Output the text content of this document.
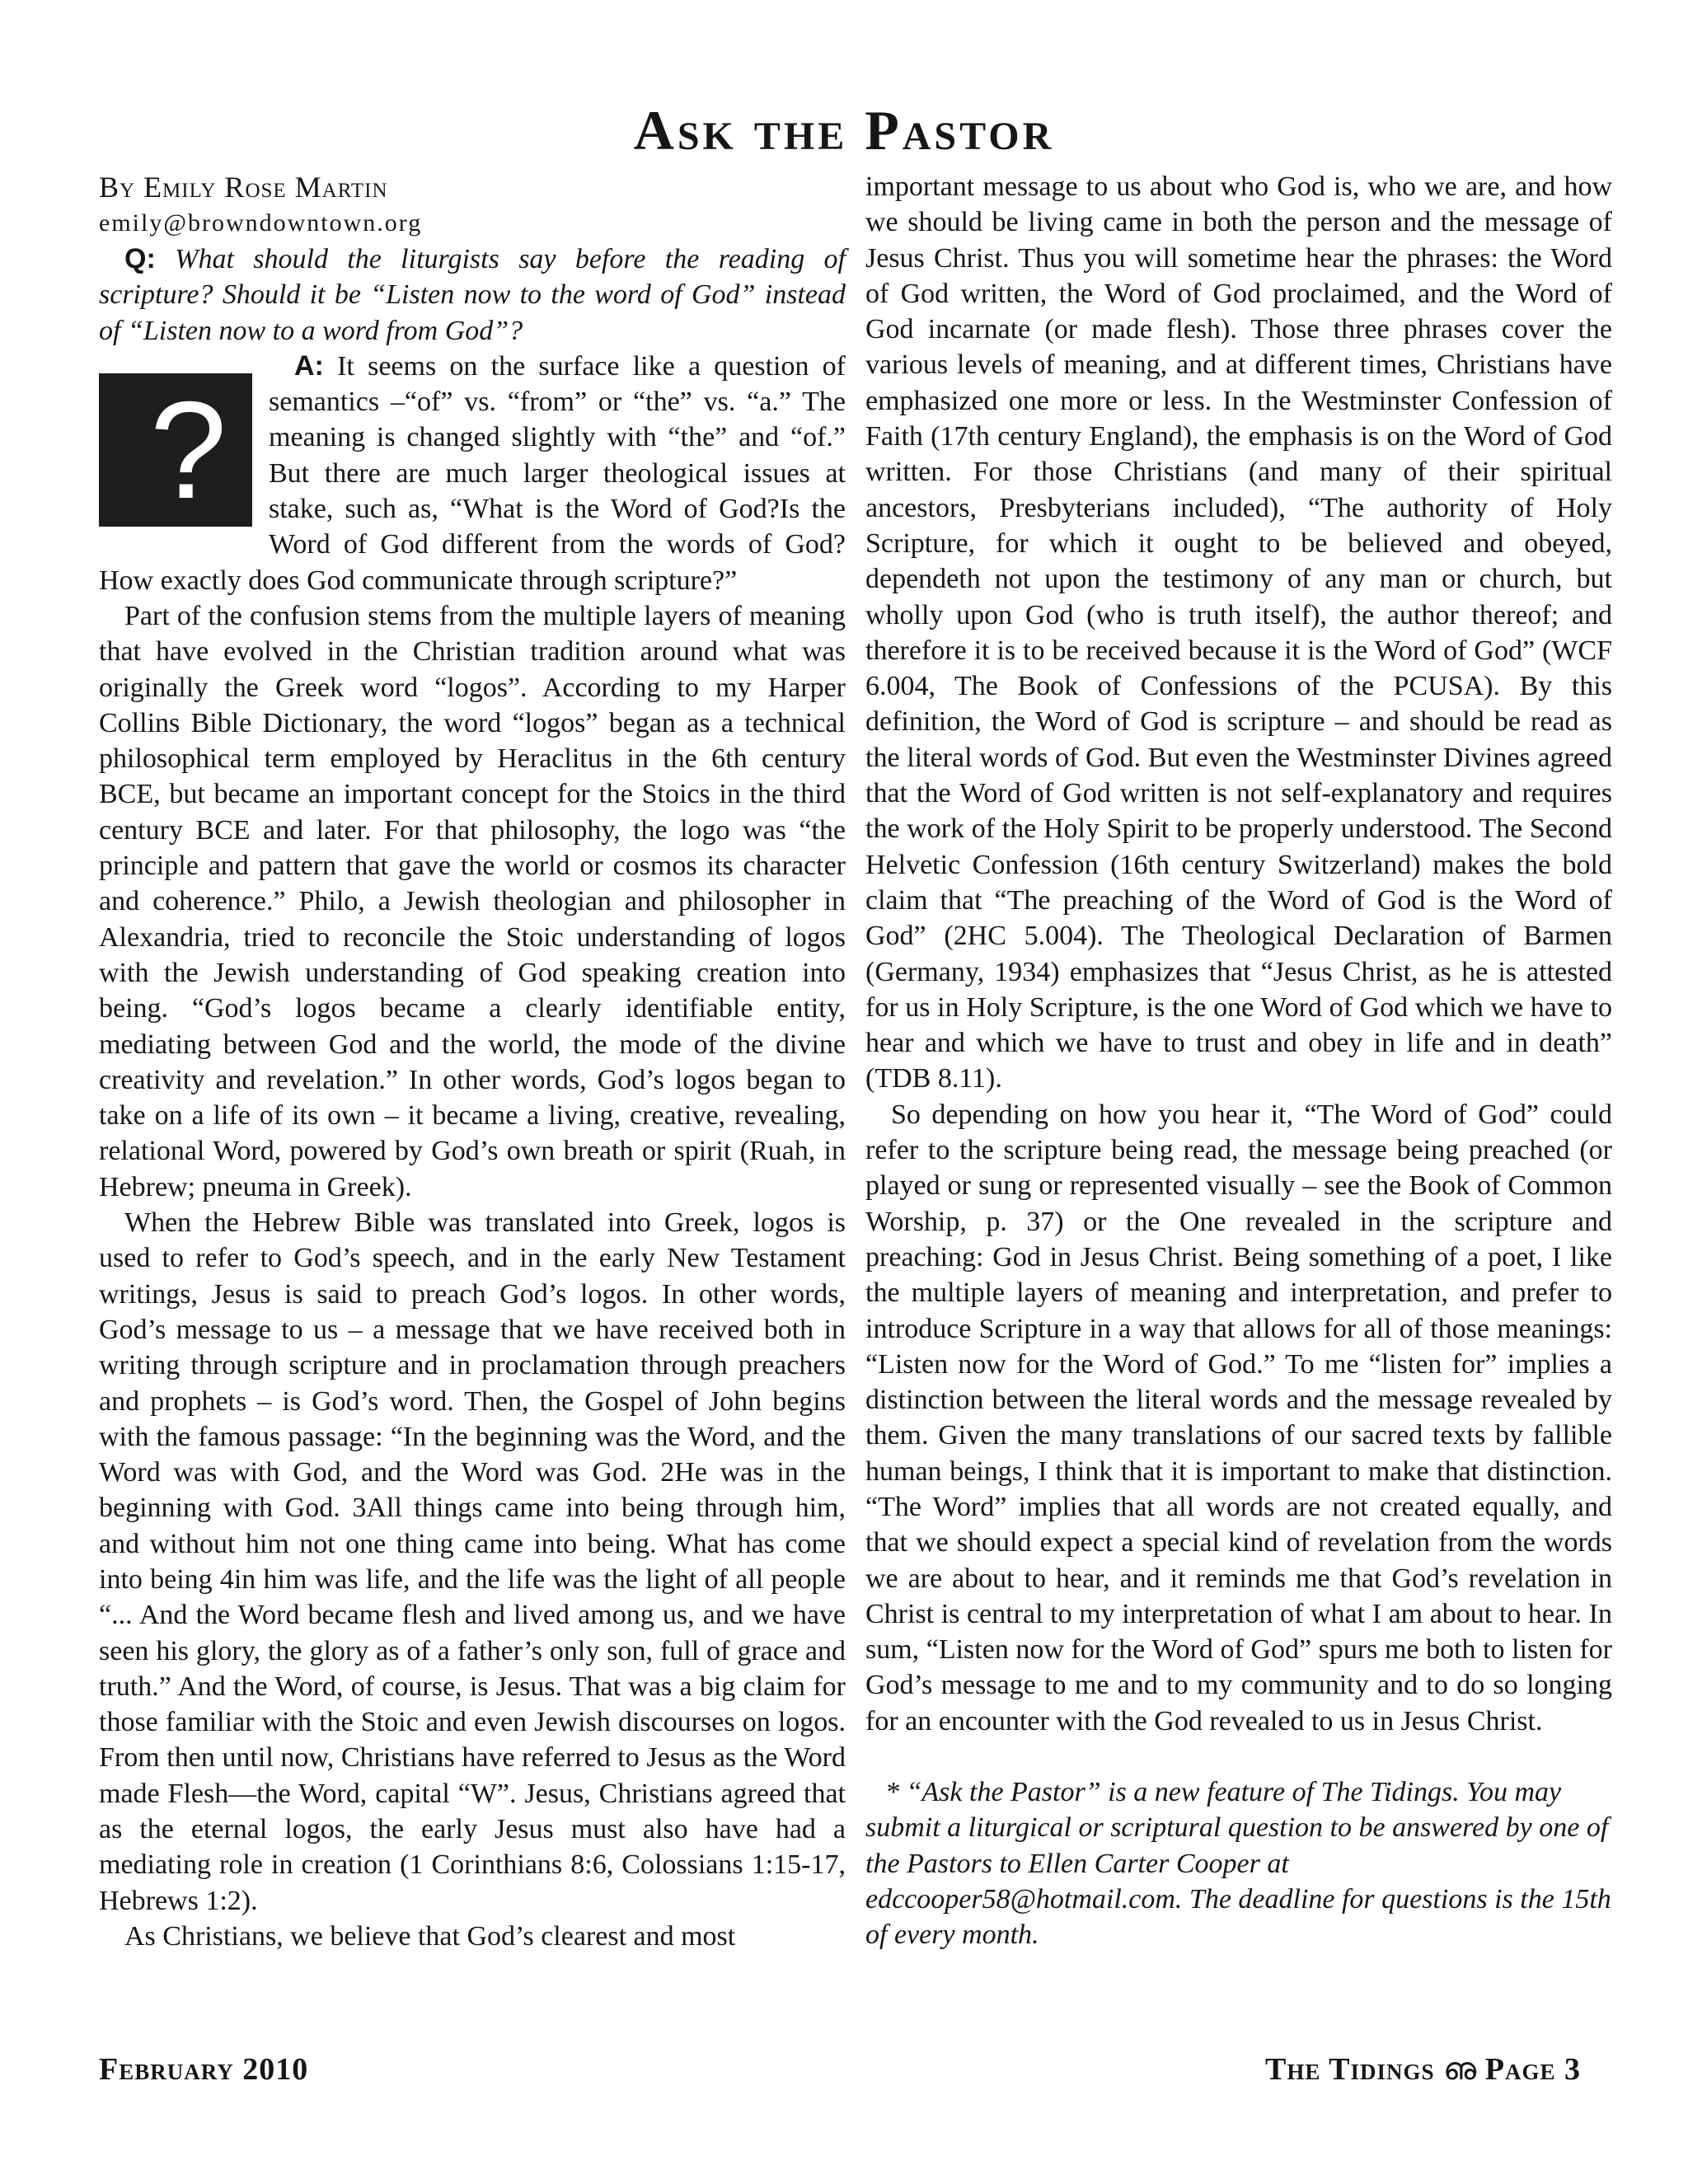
Ask the Pastor
By Emily Rose Martin
emily@browndowntown.org

Q: What should the liturgists say before the reading of scripture? Should it be “Listen now to the word of God” instead of “Listen now to a word from God”?

A:
?
It seems on the surface like a question of semantics –“of” vs. “from” or “the” vs. “a.” The meaning is changed slightly with “the” and “of.” But there are much larger theological issues at stake, such as, “What is the Word of God?Is the Word of God different from the words of God? How exactly does God communicate through scripture?”

Part of the confusion stems from the multiple layers of meaning that have evolved in the Christian tradition around what was originally the Greek word “logos”. According to my Harper Collins Bible Dictionary, the word “logos” began as a technical philosophical term employed by Heraclitus in the 6th century BCE, but became an important concept for the Stoics in the third century BCE and later. For that philosophy, the logo was “the principle and pattern that gave the world or cosmos its character and coherence.” Philo, a Jewish theologian and philosopher in Alexandria, tried to reconcile the Stoic understanding of logos with the Jewish understanding of God speaking creation into being. “God’s logos became a clearly identifiable entity, mediating between God and the world, the mode of the divine creativity and revelation.” In other words, God’s logos began to take on a life of its own – it became a living, creative, revealing, relational Word, powered by God’s own breath or spirit (Ruah, in Hebrew; pneuma in Greek).

When the Hebrew Bible was translated into Greek, logos is used to refer to God’s speech, and in the early New Testament writings, Jesus is said to preach God’s logos. In other words, God’s message to us – a message that we have received both in writing through scripture and in proclamation through preachers and prophets – is God’s word. Then, the Gospel of John begins with the famous passage: “In the beginning was the Word, and the Word was with God, and the Word was God. 2He was in the beginning with God. 3All things came into being through him, and without him not one thing came into being. What has come into being 4in him was life, and the life was the light of all people “... And the Word became flesh and lived among us, and we have seen his glory, the glory as of a father’s only son, full of grace and truth.” And the Word, of course, is Jesus. That was a big claim for those familiar with the Stoic and even Jewish discourses on logos. From then until now, Christians have referred to Jesus as the Word made Flesh—the Word, capital “W”. Jesus, Christians agreed that as the eternal logos, the early Jesus must also have had a mediating role in creation (1 Corinthians 8:6, Colossians 1:15-17, Hebrews 1:2).

As Christians, we believe that God’s clearest and most

important message to us about who God is, who we are, and how we should be living came in both the person and the message of Jesus Christ. Thus you will sometime hear the phrases: the Word of God written, the Word of God proclaimed, and the Word of God incarnate (or made flesh). Those three phrases cover the various levels of meaning, and at different times, Christians have emphasized one more or less. In the Westminster Confession of Faith (17th century England), the emphasis is on the Word of God written. For those Christians (and many of their spiritual ancestors, Presbyterians included), “The authority of Holy Scripture, for which it ought to be believed and obeyed, dependeth not upon the testimony of any man or church, but wholly upon God (who is truth itself), the author thereof; and therefore it is to be received because it is the Word of God” (WCF 6.004, The Book of Confessions of the PCUSA). By this definition, the Word of God is scripture – and should be read as the literal words of God. But even the Westminster Divines agreed that the Word of God written is not self-explanatory and requires the work of the Holy Spirit to be properly understood. The Second Helvetic Confession (16th century Switzerland) makes the bold claim that “The preaching of the Word of God is the Word of God” (2HC 5.004). The Theological Declaration of Barmen (Germany, 1934) emphasizes that “Jesus Christ, as he is attested for us in Holy Scripture, is the one Word of God which we have to hear and which we have to trust and obey in life and in death” (TDB 8.11).

So depending on how you hear it, “The Word of God” could refer to the scripture being read, the message being preached (or played or sung or represented visually – see the Book of Common Worship, p. 37) or the One revealed in the scripture and preaching: God in Jesus Christ. Being something of a poet, I like the multiple layers of meaning and interpretation, and prefer to introduce Scripture in a way that allows for all of those meanings: “Listen now for the Word of God.” To me “listen for” implies a distinction between the literal words and the message revealed by them. Given the many translations of our sacred texts by fallible human beings, I think that it is important to make that distinction. “The Word” implies that all words are not created equally, and that we should expect a special kind of revelation from the words we are about to hear, and it reminds me that God’s revelation in Christ is central to my interpretation of what I am about to hear. In sum, “Listen now for the Word of God” spurs me both to listen for God’s message to me and to my community and to do so longing for an encounter with the God revealed to us in Jesus Christ.

* “Ask the Pastor” is a new feature of The Tidings. You may submit a liturgical or scriptural question to be answered by one of the Pastors to Ellen Carter Cooper at edccooper58@hotmail.com. The deadline for questions is the 15th of every month.

February 2010	The Tidings ഌ Page 3
